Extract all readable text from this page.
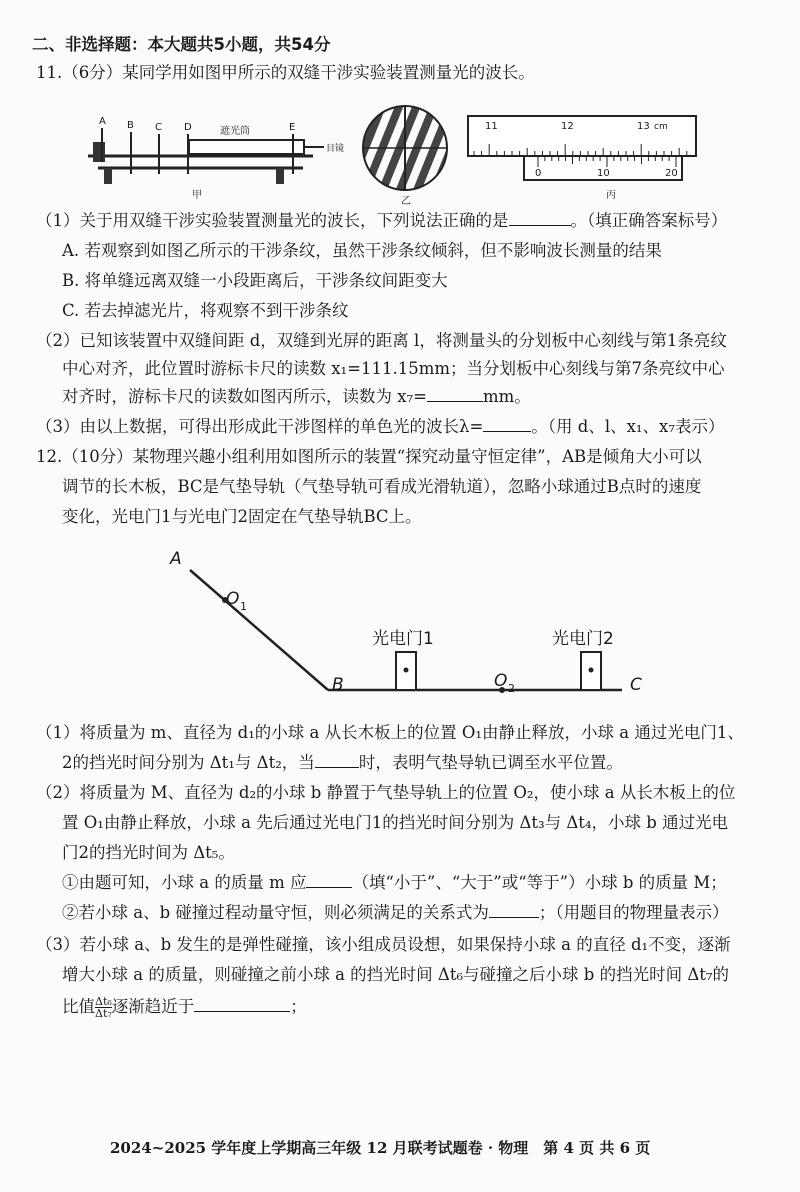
二、非选择题：本大题共5小题，共54分
11.（6分）某同学用如图甲所示的双缝干涉实验装置测量光的波长。
A B C D	遮光筒	E
目镜
甲
乙
11	12	13 cm
0	10	20
丙
（1）关于用双缝干涉实验装置测量光的波长，下列说法正确的是	。（填正确答案标号）
A. 若观察到如图乙所示的干涉条纹，虽然干涉条纹倾斜，但不影响波长测量的结果
B. 将单缝远离双缝一小段距离后，干涉条纹间距变大
C. 若去掉滤光片，将观察不到干涉条纹
（2）已知该装置中双缝间距 d，双缝到光屏的距离 l，将测量头的分划板中心刻线与第1条亮纹
中心对齐，此位置时游标卡尺的读数 x₁=111.15mm；当分划板中心刻线与第7条亮纹中心
对齐时，游标卡尺的读数如图丙所示，读数为 x₇=	mm。
（3）由以上数据，可得出形成此干涉图样的单色光的波长λ=	。（用 d、l、x₁、x₇表示）
12.（10分）某物理兴趣小组利用如图所示的装置“探究动量守恒定律”，AB是倾角大小可以
调节的长木板，BC是气垫导轨（气垫导轨可看成光滑轨道），忽略小球通过B点时的速度
变化，光电门1与光电门2固定在气垫导轨BC上。
A
O 1
B	O 2	C
光电门1	光电门2
（1）将质量为 m、直径为 d₁的小球 a 从长木板上的位置 O₁由静止释放，小球 a 通过光电门1、
2的挡光时间分别为 Δt₁与 Δt₂，当	时，表明气垫导轨已调至水平位置。
（2）将质量为 M、直径为 d₂的小球 b 静置于气垫导轨上的位置 O₂，使小球 a 从长木板上的位
置 O₁由静止释放，小球 a 先后通过光电门1的挡光时间分别为 Δt₃与 Δt₄，小球 b 通过光电
门2的挡光时间为 Δt₅。
①由题可知，小球 a 的质量 m 应	（填“小于”、“大于”或“等于”）小球 b 的质量 M；
②若小球 a、b 碰撞过程动量守恒，则必须满足的关系式为	；（用题目的物理量表示）
（3）若小球 a、b 发生的是弹性碰撞，该小组成员设想，如果保持小球 a 的直径 d₁不变，逐渐
增大小球 a 的质量，则碰撞之前小球 a 的挡光时间 Δt₆与碰撞之后小球 b 的挡光时间 Δt₇的
比值 $\frac{\text{Δt₆}}{\text{Δt₇}}$ 逐渐趋近于	；
2024~2025 学年度上学期高三年级 12 月联考试题卷 · 物理　第 4 页 共 6 页
